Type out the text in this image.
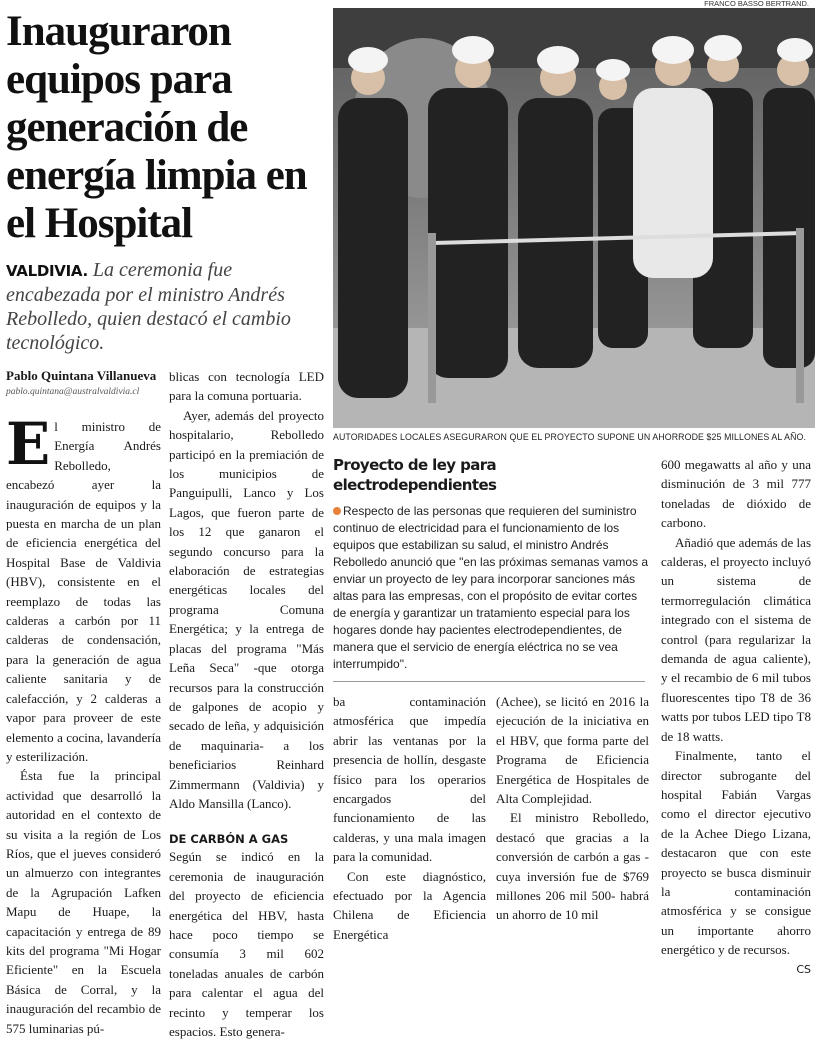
Inauguraron equipos para generación de energía limpia en el Hospital
VALDIVIA. La ceremonia fue encabezada por el ministro Andrés Rebolledo, quien destacó el cambio tecnológico.
Pablo Quintana Villanueva
pablo.quintana@australvaldivia.cl

El ministro de Energía Andrés Rebolledo, encabezó ayer la inauguración de equipos y la puesta en marcha de un plan de eficiencia energética del Hospital Base de Valdivia (HBV), consistente en el reemplazo de todas las calderas a carbón por 11 calderas de condensación, para la generación de agua caliente sanitaria y de calefacción, y 2 calderas a vapor para proveer de este elemento a cocina, lavandería y esterilización.

Ésta fue la principal actividad que desarrolló la autoridad en el contexto de su visita a la región de Los Ríos, que el jueves consideró un almuerzo con integrantes de la Agrupación Lafken Mapu de Huape, la capacitación y entrega de 89 kits del programa "Mi Hogar Eficiente" en la Escuela Básica de Corral, y la inauguración del recambio de 575 luminarias pú-

blicas con tecnología LED para la comuna portuaria.

Ayer, además del proyecto hospitalario, Rebolledo participó en la premiación de los municipios de Panguipulli, Lanco y Los Lagos, que fueron parte de los 12 que ganaron el segundo concurso para la elaboración de estrategias energéticas locales del programa Comuna Energética; y la entrega de placas del programa "Más Leña Seca" -que otorga recursos para la construcción de galpones de acopio y secado de leña, y adquisición de maquinaria- a los beneficiarios Reinhard Zimmermann (Valdivia) y Aldo Mansilla (Lanco).

DE CARBÓN A GAS

Según se indicó en la ceremonia de inauguración del proyecto de eficiencia energética del HBV, hasta hace poco tiempo se consumía 3 mil 602 toneladas anuales de carbón para calentar el agua del recinto y temperar los espacios. Esto genera-

FRANCO BASSO BERTRAND.
AUTORIDADES LOCALES ASEGURARON QUE EL PROYECTO SUPONE UN AHORRODE $25 MILLONES AL AÑO.
Proyecto de ley para electrodependientes
Respecto de las personas que requieren del suministro continuo de electricidad para el funcionamiento de los equipos que estabilizan su salud, el ministro Andrés Rebolledo anunció que "en las próximas semanas vamos a enviar un proyecto de ley para incorporar sanciones más altas para las empresas, con el propósito de evitar cortes de energía y garantizar un tratamiento especial para los hogares donde hay pacientes electrodependientes, de manera que el servicio de energía eléctrica no se vea interrumpido".

ba contaminación atmosférica que impedía abrir las ventanas por la presencia de hollín, desgaste físico para los operarios encargados del funcionamiento de las calderas, y una mala imagen para la comunidad.

Con este diagnóstico, efectuado por la Agencia Chilena de Eficiencia Energética

(Achee), se licitó en 2016 la ejecución de la iniciativa en el HBV, que forma parte del Programa de Eficiencia Energética de Hospitales de Alta Complejidad.

El ministro Rebolledo, destacó que gracias a la conversión de carbón a gas -cuya inversión fue de $769 millones 206 mil 500- habrá un ahorro de 10 mil

600 megawatts al año y una disminución de 3 mil 777 toneladas de dióxido de carbono.

Añadió que además de las calderas, el proyecto incluyó un sistema de termorregulación climática integrado con el sistema de control (para regularizar la demanda de agua caliente), y el recambio de 6 mil tubos fluorescentes tipo T8 de 36 watts por tubos LED tipo T8 de 18 watts.

Finalmente, tanto el director subrogante del hospital Fabián Vargas como el director ejecutivo de la Achee Diego Lizana, destacaron que con este proyecto se busca disminuir la contaminación atmosférica y se consigue un importante ahorro energético y de recursos.
CS
